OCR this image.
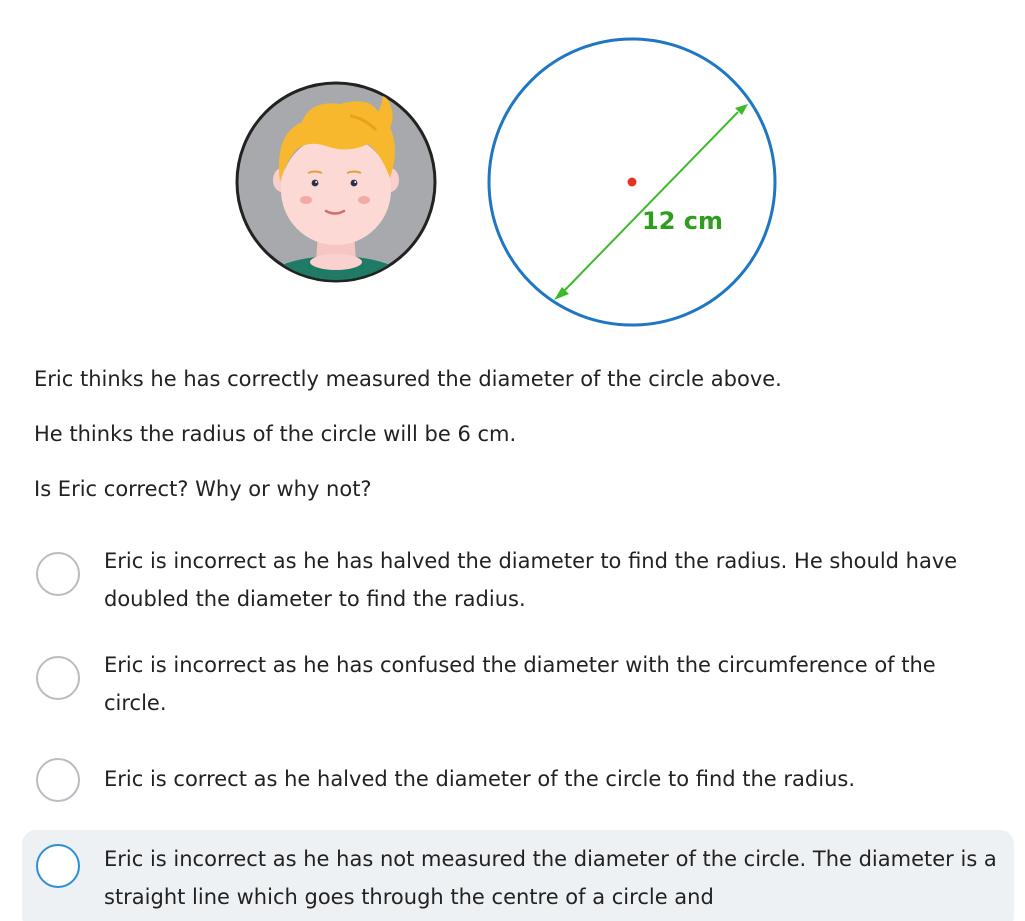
12 cm

Eric thinks he has correctly measured the diameter of the circle above.

He thinks the radius of the circle will be 6 cm.

Is Eric correct? Why or why not?

Eric is incorrect as he has halved the diameter to find the radius. He should have doubled the diameter to find the radius.
Eric is incorrect as he has confused the diameter with the circumference of the circle.
Eric is correct as he halved the diameter of the circle to find the radius.
Eric is incorrect as he has not measured the diameter of the circle. The diameter is a straight line which goes through the centre of a circle and
